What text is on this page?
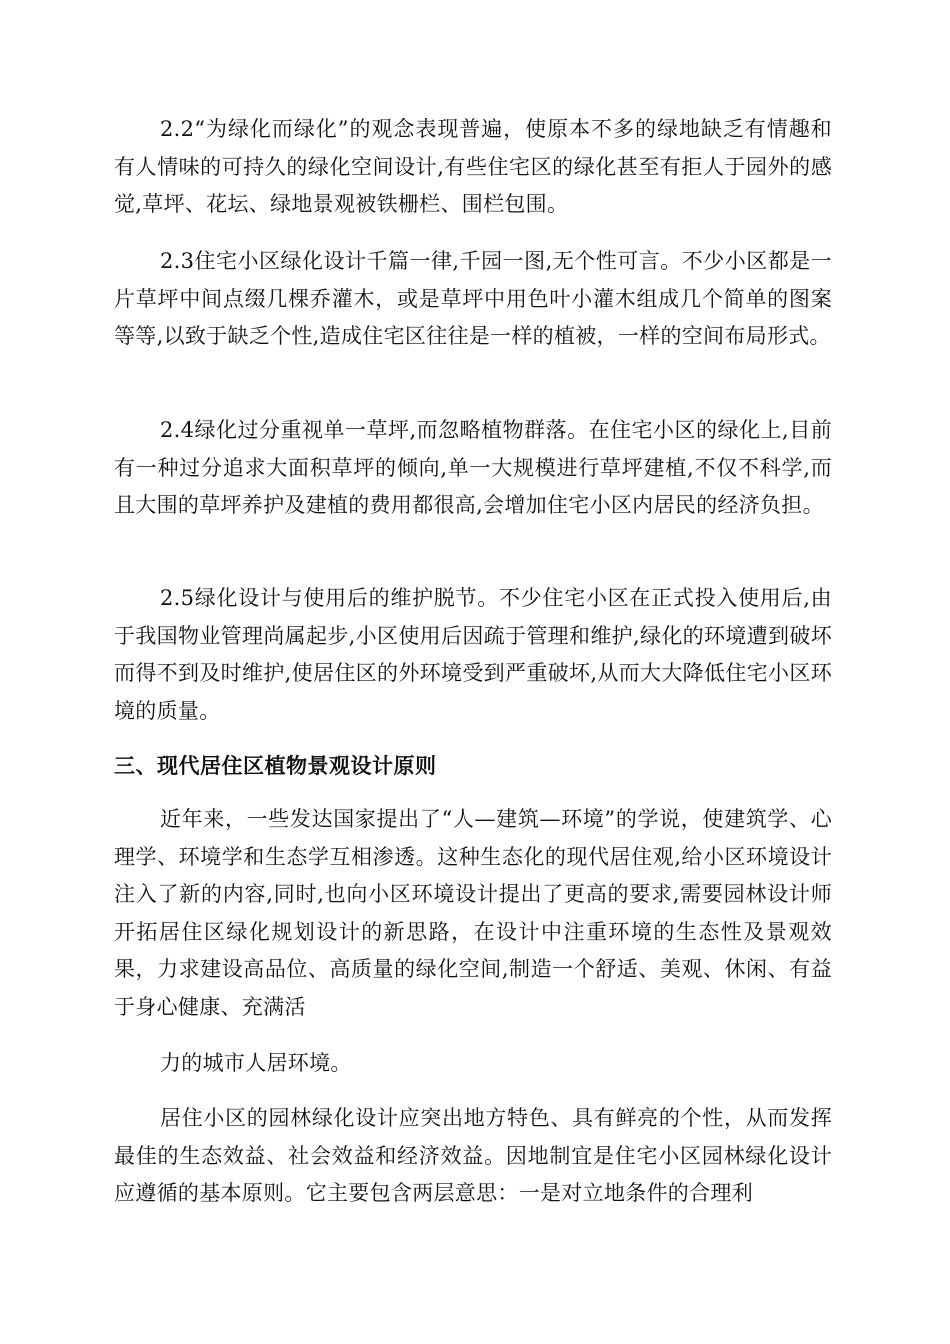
2.2“为绿化而绿化”的观念表现普遍，使原本不多的绿地缺乏有情趣和有人情味的可持久的绿化空间设计,有些住宅区的绿化甚至有拒人于园外的感觉,草坪、花坛、绿地景观被铁栅栏、围栏包围。

2.3住宅小区绿化设计千篇一律,千园一图,无个性可言。不少小区都是一片草坪中间点缀几棵乔灌木，或是草坪中用色叶小灌木组成几个简单的图案等等,以致于缺乏个性,造成住宅区往往是一样的植被，一样的空间布局形式。

2.4绿化过分重视单一草坪,而忽略植物群落。在住宅小区的绿化上,目前有一种过分追求大面积草坪的倾向,单一大规模进行草坪建植,不仅不科学,而且大围的草坪养护及建植的费用都很高,会增加住宅小区内居民的经济负担。

2.5绿化设计与使用后的维护脱节。不少住宅小区在正式投入使用后,由于我国物业管理尚属起步,小区使用后因疏于管理和维护,绿化的环境遭到破坏而得不到及时维护,使居住区的外环境受到严重破坏,从而大大降低住宅小区环境的质量。

三、现代居住区植物景观设计原则

近年来，一些发达国家提出了“人—建筑—环境”的学说，使建筑学、心理学、环境学和生态学互相渗透。这种生态化的现代居住观,给小区环境设计注入了新的内容,同时,也向小区环境设计提出了更高的要求,需要园林设计师开拓居住区绿化规划设计的新思路，在设计中注重环境的生态性及景观效果，力求建设高品位、高质量的绿化空间,制造一个舒适、美观、休闲、有益于身心健康、充满活

力的城市人居环境。

居住小区的园林绿化设计应突出地方特色、具有鲜亮的个性，从而发挥最佳的生态效益、社会效益和经济效益。因地制宜是住宅小区园林绿化设计应遵循的基本原则。它主要包含两层意思：一是对立地条件的合理利
